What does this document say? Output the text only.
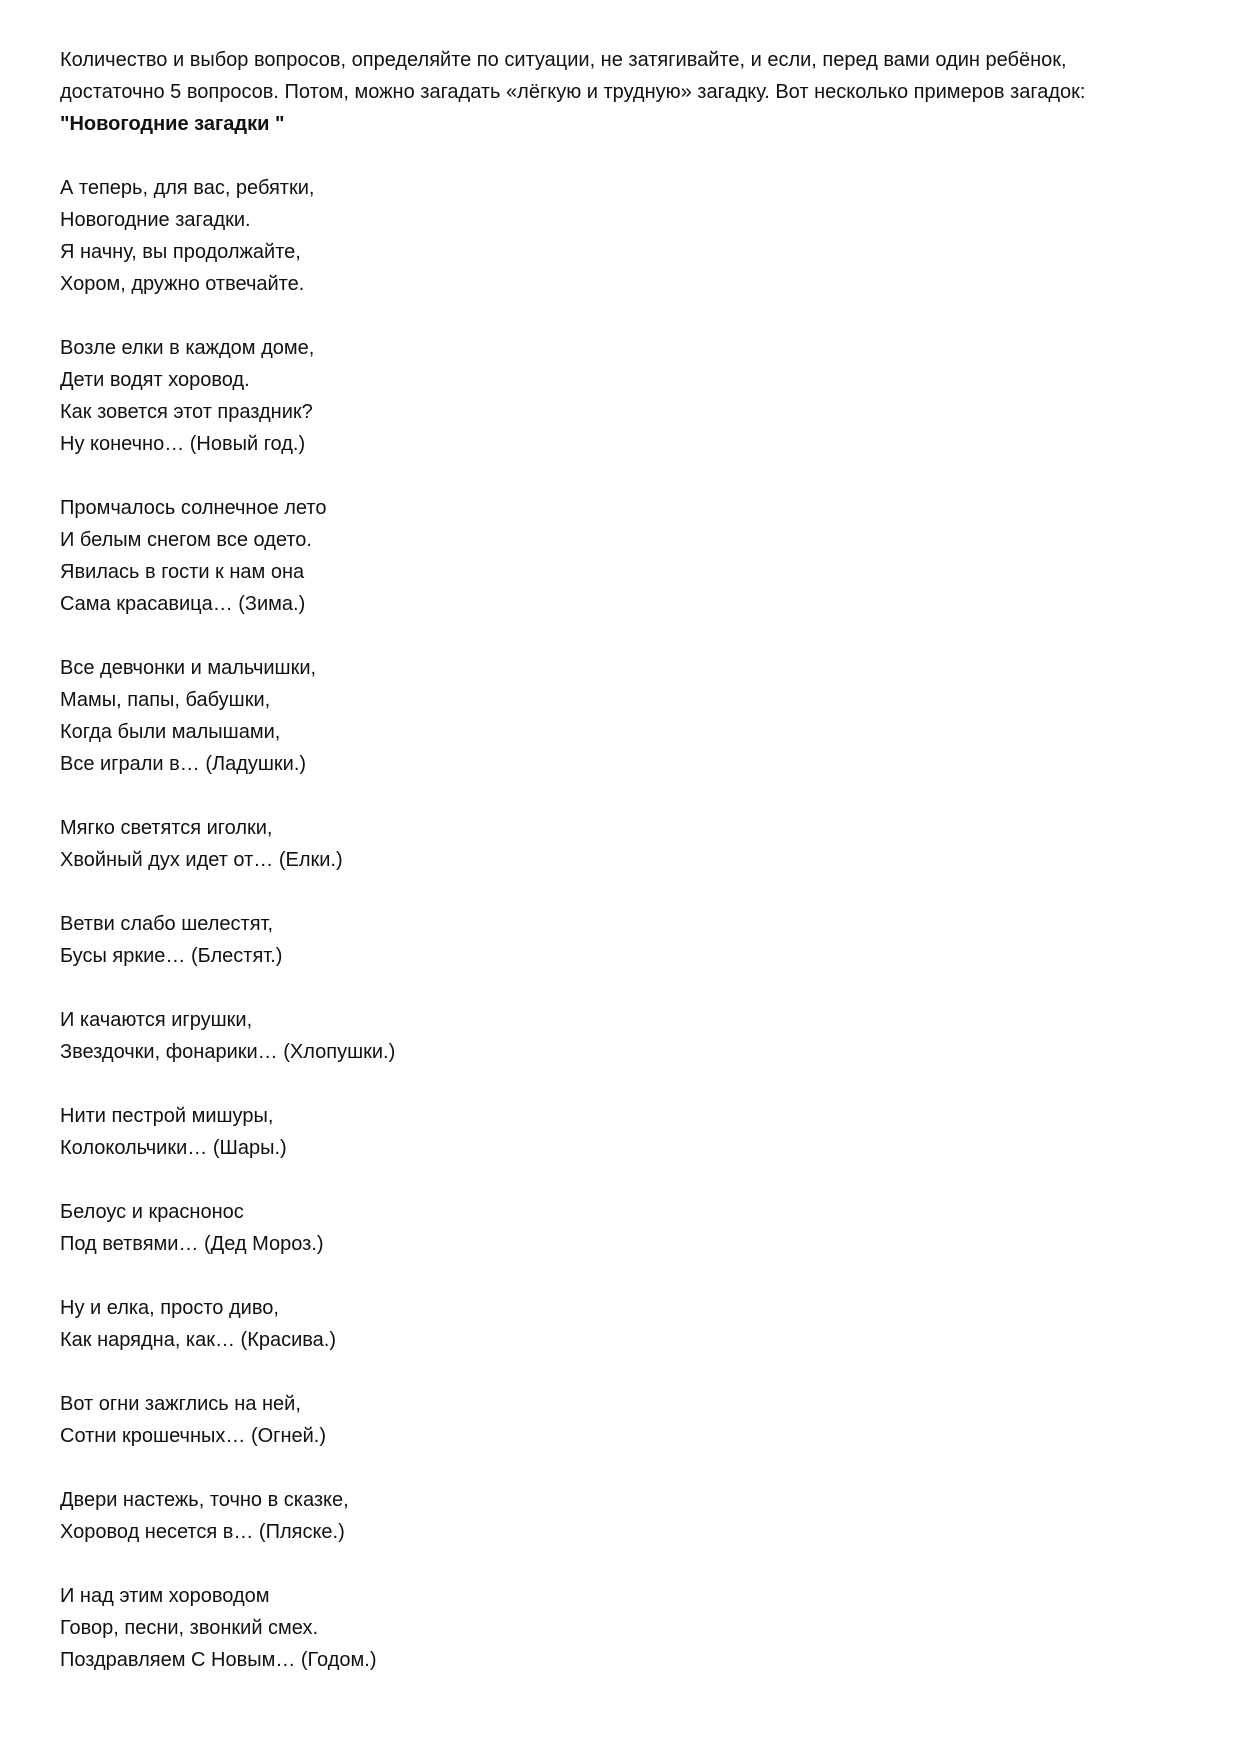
Количество и выбор вопросов, определяйте по ситуации, не затягивайте, и если, перед вами один ребёнок,

достаточно 5 вопросов. Потом, можно загадать «лёгкую и трудную» загадку. Вот несколько примеров загадок:

"Новогодние загадки "

А теперь, для вас, ребятки,

Новогодние загадки.

Я начну, вы продолжайте,

Хором, дружно отвечайте.

Возле елки в каждом доме,

Дети водят хоровод.

Как зовется этот праздник?

Ну конечно… (Новый год.)

Промчалось солнечное лето

И белым снегом все одето.

Явилась в гости к нам она

Сама красавица… (Зима.)

Все девчонки и мальчишки,

Мамы, папы, бабушки,

Когда были малышами,

Все играли в… (Ладушки.)

Мягко светятся иголки,

Хвойный дух идет от… (Елки.)

Ветви слабо шелестят,

Бусы яркие… (Блестят.)

И качаются игрушки,

Звездочки, фонарики… (Хлопушки.)

Нити пестрой мишуры,

Колокольчики… (Шары.)

Белоус и краснонос

Под ветвями… (Дед Мороз.)

Ну и елка, просто диво,

Как нарядна, как… (Красива.)

Вот огни зажглись на ней,

Сотни крошечных… (Огней.)

Двери настежь, точно в сказке,

Хоровод несется в… (Пляске.)

И над этим хороводом

Говор, песни, звонкий смех.

Поздравляем С Новым… (Годом.)
